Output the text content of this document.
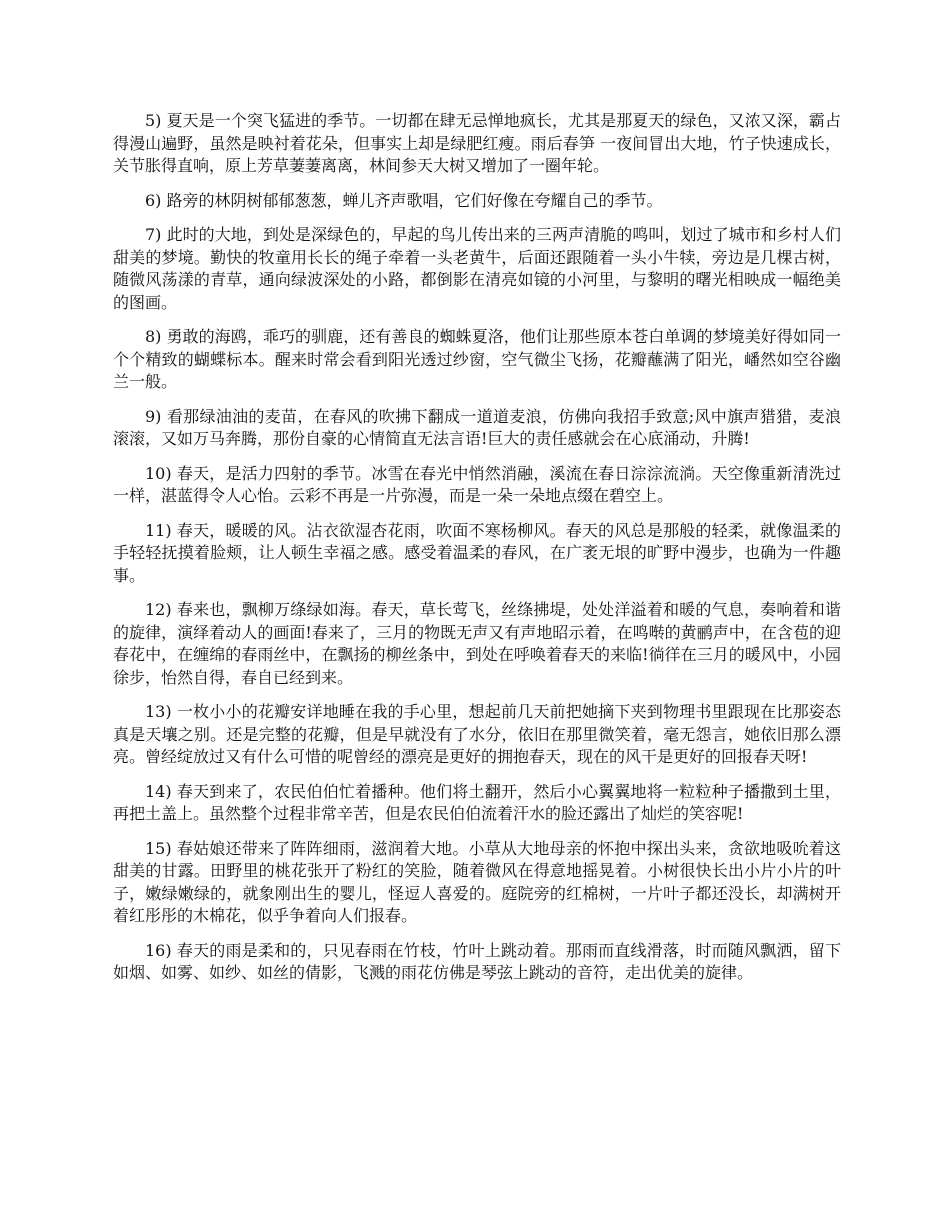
5) 夏天是一个突飞猛进的季节。一切都在肆无忌惮地疯长，尤其是那夏天的绿色，又浓又深，霸占得漫山遍野，虽然是映衬着花朵，但事实上却是绿肥红瘦。雨后春笋 一夜间冒出大地，竹子快速成长，关节胀得直响，原上芳草萋萋离离，林间参天大树又增加了一圈年轮。

6) 路旁的林阴树郁郁葱葱，蝉儿齐声歌唱，它们好像在夸耀自己的季节。

7) 此时的大地，到处是深绿色的，早起的鸟儿传出来的三两声清脆的鸣叫，划过了城市和乡村人们甜美的梦境。勤快的牧童用长长的绳子牵着一头老黄牛，后面还跟随着一头小牛犊，旁边是几棵古树，随微风荡漾的青草，通向绿波深处的小路，都倒影在清亮如镜的小河里，与黎明的曙光相映成一幅绝美的图画。

8) 勇敢的海鸥，乖巧的驯鹿，还有善良的蜘蛛夏洛，他们让那些原本苍白单调的梦境美好得如同一个个精致的蝴蝶标本。醒来时常会看到阳光透过纱窗，空气微尘飞扬，花瓣蘸满了阳光，嶓然如空谷幽兰一般。

9) 看那绿油油的麦苗，在春风的吹拂下翻成一道道麦浪，仿佛向我招手致意;风中旗声猎猎，麦浪滚滚，又如万马奔腾，那份自豪的心情简直无法言语!巨大的责任感就会在心底涌动，升腾!

10) 春天，是活力四射的季节。冰雪在春光中悄然消融，溪流在春日淙淙流淌。天空像重新清洗过一样，湛蓝得令人心怡。云彩不再是一片弥漫，而是一朵一朵地点缀在碧空上。

11) 春天，暖暖的风。沾衣欲湿杏花雨，吹面不寒杨柳风。春天的风总是那般的轻柔，就像温柔的手轻轻抚摸着脸颊，让人顿生幸福之感。感受着温柔的春风，在广袤无垠的旷野中漫步，也确为一件趣事。

12) 春来也，飘柳万绦绿如海。春天，草长莺飞，丝绦拂堤，处处洋溢着和暖的气息，奏响着和谐的旋律，演绎着动人的画面!春来了，三月的物既无声又有声地昭示着，在鸣啭的黄鹂声中，在含苞的迎春花中，在缠绵的春雨丝中，在飘扬的柳丝条中，到处在呼唤着春天的来临!徜徉在三月的暖风中，小园徐步，怡然自得，春自已经到来。

13) 一枚小小的花瓣安详地睡在我的手心里，想起前几天前把她摘下夹到物理书里跟现在比那姿态真是天壤之别。还是完整的花瓣，但是早就没有了水分，依旧在那里微笑着，毫无怨言，她依旧那么漂亮。曾经绽放过又有什么可惜的呢曾经的漂亮是更好的拥抱春天，现在的风干是更好的回报春天呀!

14) 春天到来了，农民伯伯忙着播种。他们将土翻开，然后小心翼翼地将一粒粒种子播撒到土里，再把土盖上。虽然整个过程非常辛苦，但是农民伯伯流着汗水的脸还露出了灿烂的笑容呢!

15) 春姑娘还带来了阵阵细雨，滋润着大地。小草从大地母亲的怀抱中探出头来，贪欲地吸吮着这甜美的甘露。田野里的桃花张开了粉红的笑脸，随着微风在得意地摇晃着。小树很快长出小片小片的叶子，嫩绿嫩绿的，就象刚出生的婴儿，怪逗人喜爱的。庭院旁的红棉树，一片叶子都还没长，却满树开着红彤彤的木棉花，似乎争着向人们报春。

16) 春天的雨是柔和的，只见春雨在竹枝，竹叶上跳动着。那雨而直线滑落，时而随风飘洒，留下如烟、如雾、如纱、如丝的倩影，飞溅的雨花仿佛是琴弦上跳动的音符，走出优美的旋律。
